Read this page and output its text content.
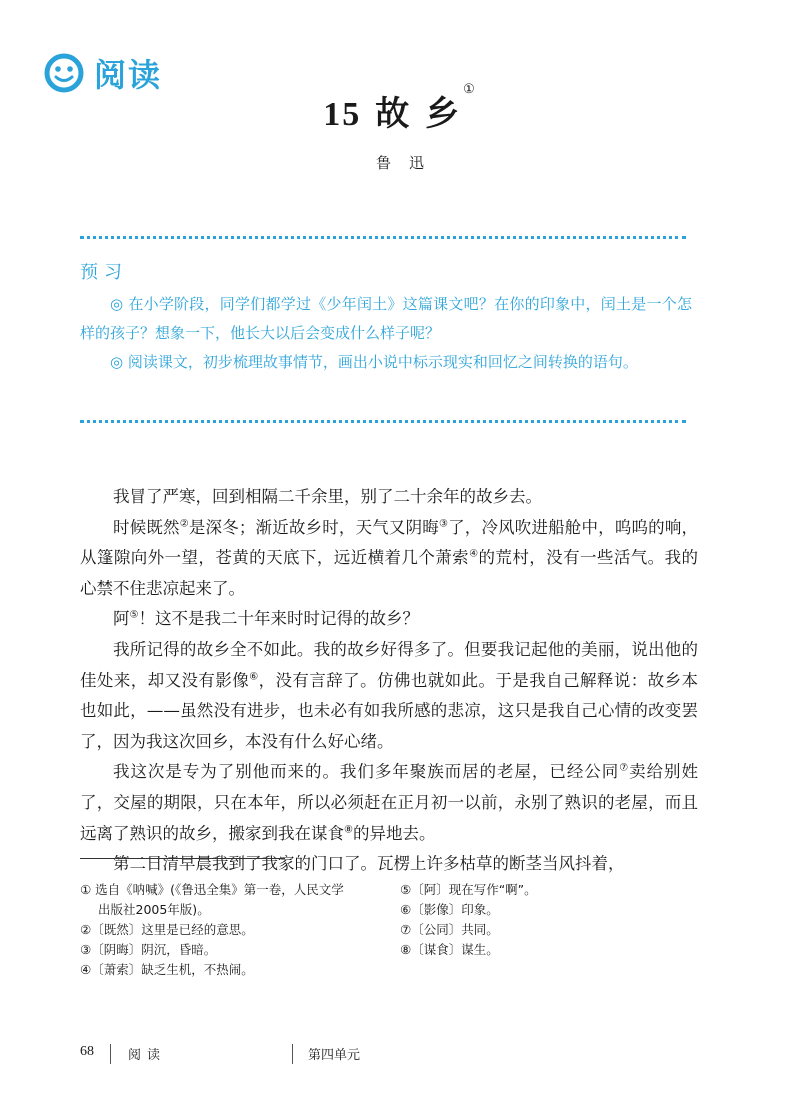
阅读
15 故 乡①
鲁迅
预习

◎ 在小学阶段，同学们都学过《少年闰土》这篇课文吧？在你的印象中，闰土是一个怎样的孩子？想象一下，他长大以后会变成什么样子呢？

◎ 阅读课文，初步梳理故事情节，画出小说中标示现实和回忆之间转换的语句。

我冒了严寒，回到相隔二千余里，别了二十余年的故乡去。

时候既然②是深冬；渐近故乡时，天气又阴晦③了，冷风吹进船舱中，呜呜的响，从篷隙向外一望，苍黄的天底下，远近横着几个萧索④的荒村，没有一些活气。我的心禁不住悲凉起来了。

阿⑤！这不是我二十年来时时记得的故乡？

我所记得的故乡全不如此。我的故乡好得多了。但要我记起他的美丽，说出他的佳处来，却又没有影像⑥，没有言辞了。仿佛也就如此。于是我自己解释说：故乡本也如此，——虽然没有进步，也未必有如我所感的悲凉，这只是我自己心情的改变罢了，因为我这次回乡，本没有什么好心绪。

我这次是专为了别他而来的。我们多年聚族而居的老屋，已经公同⑦卖给别姓了，交屋的期限，只在本年，所以必须赶在正月初一以前，永别了熟识的老屋，而且远离了熟识的故乡，搬家到我在谋食⑧的异地去。

第二日清早晨我到了我家的门口了。瓦楞上许多枯草的断茎当风抖着，

① 选自《呐喊》(《鲁迅全集》第一卷，人民文学
出版社2005年版)。
②〔既然〕这里是已经的意思。
③〔阴晦〕阴沉，昏暗。
④〔萧索〕缺乏生机，不热闹。
⑤〔阿〕现在写作“啊”。
⑥〔影像〕印象。
⑦〔公同〕共同。
⑧〔谋食〕谋生。
68	阅读	第四单元
